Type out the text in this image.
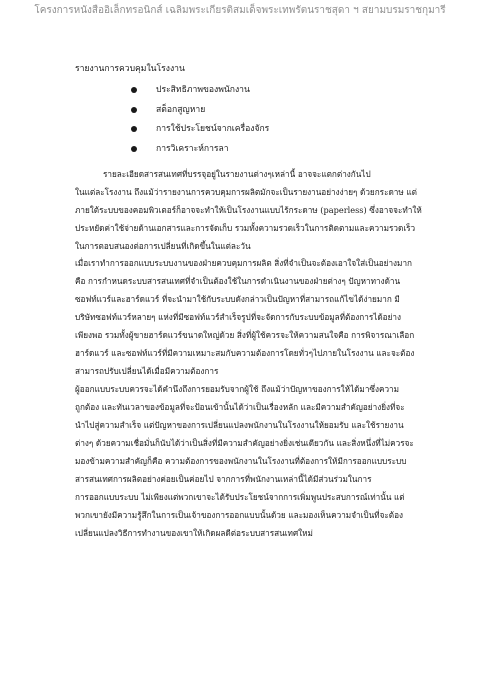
โครงการหนังสืออิเล็กทรอนิกส์ เฉลิมพระเกียรติสมเด็จพระเทพรัตนราชสุดา ฯ สยามบรมราชกุมารี
รายงานการควบคุมในโรงงาน
ประสิทธิภาพของพนักงาน
สต็อกสูญหาย
การใช้ประโยชน์จากเครื่องจักร
การวิเคราะห์การลา
รายละเอียดสารสนเทศที่บรรจุอยู่ในรายงานต่างๆเหล่านี้ อาจจะแตกต่างกันไป
ในแต่ละโรงงาน ถึงแม้ว่ารายงานการควบคุมการผลิตมักจะเป็นรายงานอย่างง่ายๆ ด้วยกระดาษ แต่
ภายใต้ระบบของคอมพิวเตอร์ก็อาจจะทำให้เป็นโรงงานแบบไร้กระดาษ (paperless) ซึ่งอาจจะทำให้
ประหยัดค่าใช้จ่ายด้านเอกสารและการจัดเก็บ รวมทั้งความรวดเร็วในการติดตามและความรวดเร็ว
ในการตอบสนองต่อการเปลี่ยนที่เกิดขึ้นในแต่ละวัน
เมื่อเราทำการออกแบบระบบงานของฝ่ายควบคุมการผลิต สิ่งที่จำเป็นจะต้องเอาใจใส่เป็นอย่างมาก
คือ การกำหนดระบบสารสนเทศที่จำเป็นต้องใช้ในการดำเนินงานของฝ่ายต่างๆ ปัญหาทางด้าน
ซอฟท์แวร์และฮาร์ดแวร์ ที่จะนำมาใช้กับระบบดังกล่าวเป็นปัญหาที่สามารถแก้ไขได้ง่ายมาก มี
บริษัทซอฟท์แวร์หลายๆ แห่งที่มีซอฟท์แวร์สำเร็จรูปที่จะจัดการกับระบบข้อมูลที่ต้องการได้อย่าง
เพียงพอ รวมทั้งผู้ขายฮาร์ดแวร์ขนาดใหญ่ด้วย สิ่งที่ผู้ใช้ควรจะให้ความสนใจคือ การพิจารณาเลือก
ฮาร์ดแวร์ และซอฟท์แวร์ที่มีความเหมาะสมกับความต้องการโดยทั่วๆไปภายในโรงงาน และจะต้อง
สามารถปรับเปลี่ยนได้เมื่อมีความต้องการ
ผู้ออกแบบระบบควรจะได้คำนึงถึงการยอมรับจากผู้ใช้ ถึงแม้ว่าปัญหาของการให้ได้มาซึ่งความ
ถูกต้อง และทันเวลาของข้อมูลที่จะป้อนเข้านั้นได้ว่าเป็นเรื่องหลัก และมีความสำคัญอย่างยิ่งที่จะ
นำไปสู่ความสำเร็จ แต่ปัญหาของการเปลี่ยนแปลงพนักงานในโรงงานให้ยอมรับ และใช้รายงาน
ต่างๆ ด้วยความเชื่อมั่นก็นับได้ว่าเป็นสิ่งที่มีความสำคัญอย่างยิ่งเช่นเดียวกัน และสิ่งหนึ่งที่ไม่ควรจะ
มองข้ามความสำคัญก็คือ ความต้องการของพนักงานในโรงงานที่ต้องการให้มีการออกแบบระบบ
สารสนเทศการผลิตอย่างค่อยเป็นค่อยไป จากการที่พนักงานเหล่านี้ได้มีส่วนร่วมในการ
การออกแบบระบบ ไม่เพียงแต่พวกเขาจะได้รับประโยชน์จากการเพิ่มพูนประสบการณ์เท่านั้น แต่
พวกเขายังมีความรู้สึกในการเป็นเจ้าของการออกแบบนั้นด้วย และมองเห็นความจำเป็นที่จะต้อง
เปลี่ยนแปลงวิธีการทำงานของเขาให้เกิดผลดีต่อระบบสารสนเทศใหม่
